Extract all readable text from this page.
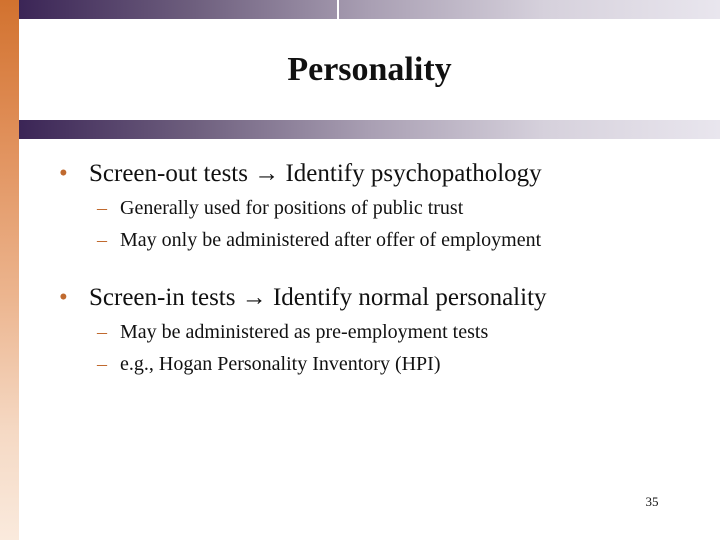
Personality
• Screen-out tests → Identify psychopathology
– Generally used for positions of public trust
– May only be administered after offer of employment
• Screen-in tests → Identify normal personality
– May be administered as pre-employment tests
– e.g., Hogan Personality Inventory (HPI)
35
